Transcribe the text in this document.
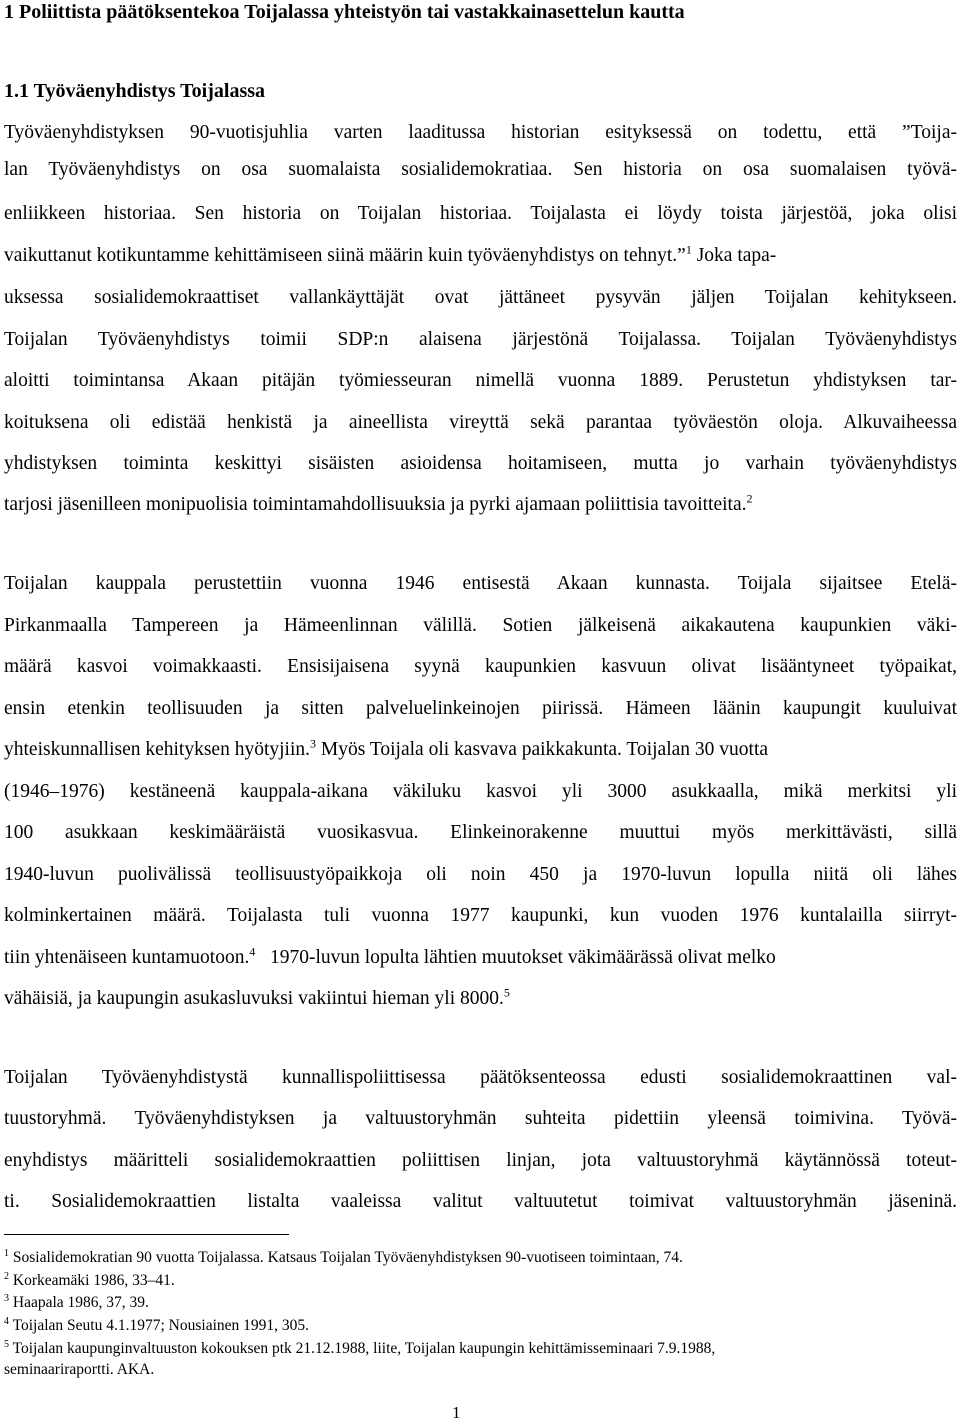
1 Poliittista päätöksentekoa Toijalassa yhteistyön tai vastakkainasettelun kautta
1.1 Työväenyhdistys Toijalassa

Työväenyhdistyksen 90-vuotisjuhlia varten laaditussa historian esityksessä on todettu, että ”Toija-

lan Työväenyhdistys on osa suomalaista sosialidemokratiaa. Sen historia on osa suomalaisen työvä-

enliikkeen historiaa. Sen historia on Toijalan historiaa. Toijalasta ei löydy toista järjestöä, joka olisi

vaikuttanut kotikuntamme kehittämiseen siinä määrin kuin työväenyhdistys on tehnyt.”$^1$ Joka tapa-

uksessa sosialidemokraattiset vallankäyttäjät ovat jättäneet pysyvän jäljen Toijalan kehitykseen.

Toijalan Työväenyhdistys toimii SDP:n alaisena järjestönä Toijalassa. Toijalan Työväenyhdistys

aloitti toimintansa Akaan pitäjän työmiesseuran nimellä vuonna 1889. Perustetun yhdistyksen tar-

koituksena oli edistää henkistä ja aineellista vireyttä sekä parantaa työväestön oloja. Alkuvaiheessa

yhdistyksen toiminta keskittyi sisäisten asioidensa hoitamiseen, mutta jo varhain työväenyhdistys

tarjosi jäsenilleen monipuolisia toimintamahdollisuuksia ja pyrki ajamaan poliittisia tavoitteita.$^2$

Toijalan kauppala perustettiin vuonna 1946 entisestä Akaan kunnasta. Toijala sijaitsee Etelä-

Pirkanmaalla Tampereen ja Hämeenlinnan välillä. Sotien jälkeisenä aikakautena kaupunkien väki-

määrä kasvoi voimakkaasti. Ensisijaisena syynä kaupunkien kasvuun olivat lisääntyneet työpaikat,

ensin etenkin teollisuuden ja sitten palveluelinkeinojen piirissä. Hämeen läänin kaupungit kuuluivat

yhteiskunnallisen kehityksen hyötyjiin.$^3$ Myös Toijala oli kasvava paikkakunta. Toijalan 30 vuotta

(1946–1976) kestäneenä kauppala-aikana väkiluku kasvoi yli 3000 asukkaalla, mikä merkitsi yli

100 asukkaan keskimääräistä vuosikasvua. Elinkeinorakenne muuttui myös merkittävästi, sillä

1940-luvun puolivälissä teollisuustyöpaikkoja oli noin 450 ja 1970-luvun lopulla niitä oli lähes

kolminkertainen määrä. Toijalasta tuli vuonna 1977 kaupunki, kun vuoden 1976 kuntalailla siirryt-

tiin yhtenäiseen kuntamuotoon.$^4$ 1970-luvun lopulta lähtien muutokset väkimäärässä olivat melko

vähäisiä, ja kaupungin asukasluvuksi vakiintui hieman yli 8000.$^5$

Toijalan Työväenyhdistystä kunnallispoliittisessa päätöksenteossa edusti sosialidemokraattinen val-

tuustoryhmä. Työväenyhdistyksen ja valtuustoryhmän suhteita pidettiin yleensä toimivina. Työvä-

enyhdistys määritteli sosialidemokraattien poliittisen linjan, jota valtuustoryhmä käytännössä toteut-

ti. Sosialidemokraattien listalta vaaleissa valitut valtuutetut toimivat valtuustoryhmän jäseninä.

$^1$ Sosialidemokratian 90 vuotta Toijalassa. Katsaus Toijalan Työväenyhdistyksen 90-vuotiseen toimintaan, 74.

$^2$ Korkeamäki 1986, 33–41.

$^3$ Haapala 1986, 37, 39.

$^4$ Toijalan Seutu 4.1.1977; Nousiainen 1991, 305.

$^5$ Toijalan kaupunginvaltuuston kokouksen ptk 21.12.1988, liite, Toijalan kaupungin kehittämisseminaari 7.9.1988,

seminaariraportti. AKA.

1
